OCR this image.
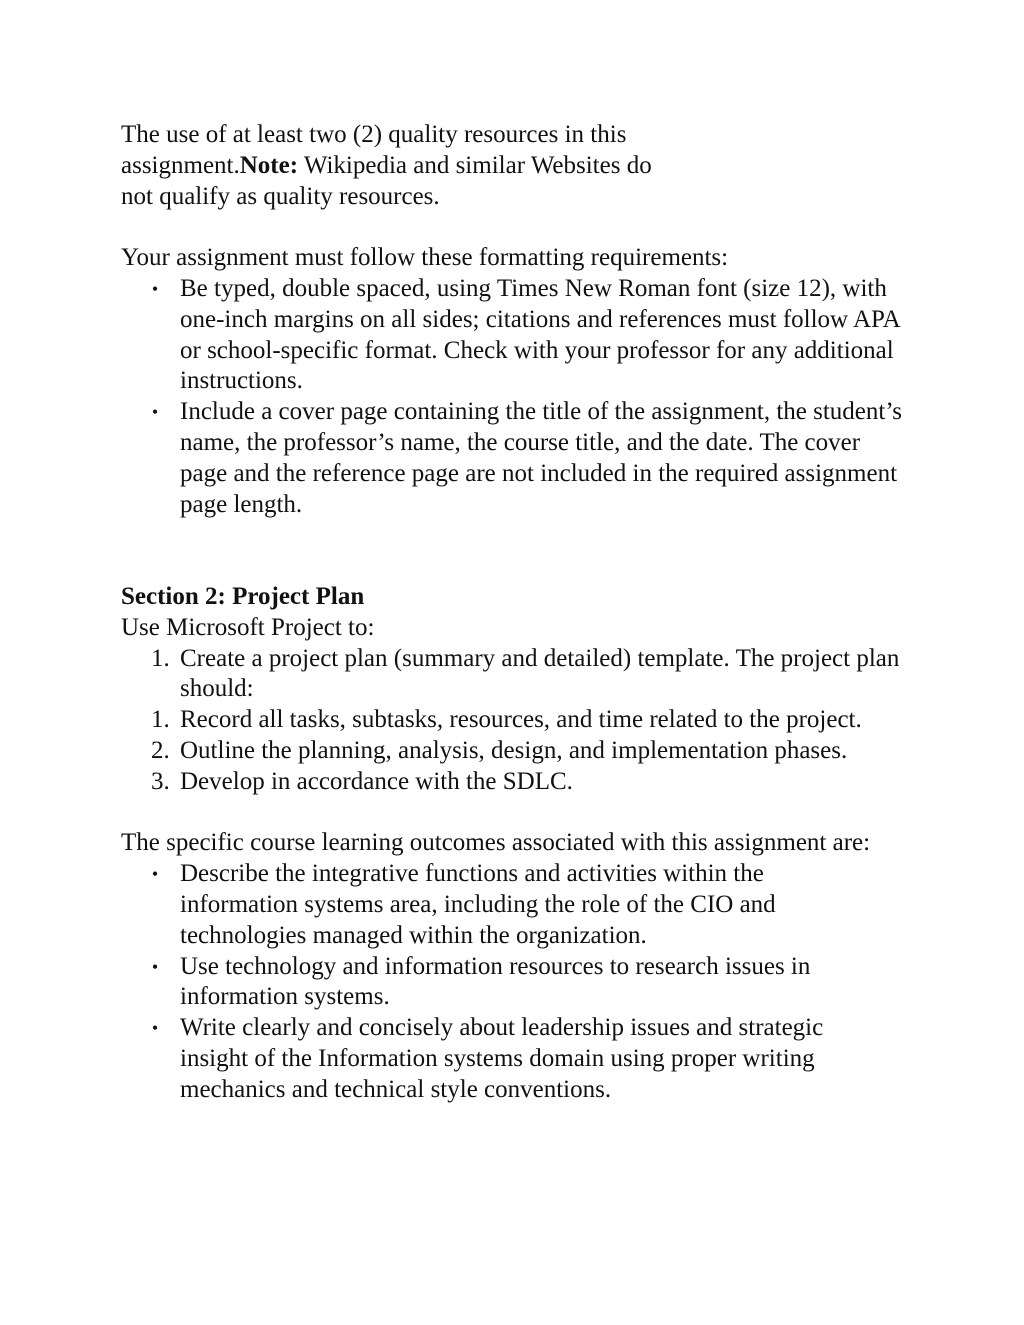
The use of at least two (2) quality resources in this assignment.Note: Wikipedia and similar Websites do not qualify as quality resources.

Your assignment must follow these formatting requirements:

• Be typed, double spaced, using Times New Roman font (size 12), with one-inch margins on all sides; citations and references must follow APA or school-specific format. Check with your professor for any additional instructions.
• Include a cover page containing the title of the assignment, the student’s name, the professor’s name, the course title, and the date. The cover page and the reference page are not included in the required assignment page length.

Section 2: Project Plan

Use Microsoft Project to:

1. Create a project plan (summary and detailed) template. The project plan should:
1. Record all tasks, subtasks, resources, and time related to the project.
2. Outline the planning, analysis, design, and implementation phases.
3. Develop in accordance with the SDLC.

The specific course learning outcomes associated with this assignment are:

• Describe the integrative functions and activities within the information systems area, including the role of the CIO and technologies managed within the organization.
• Use technology and information resources to research issues in information systems.
• Write clearly and concisely about leadership issues and strategic insight of the Information systems domain using proper writing mechanics and technical style conventions.
